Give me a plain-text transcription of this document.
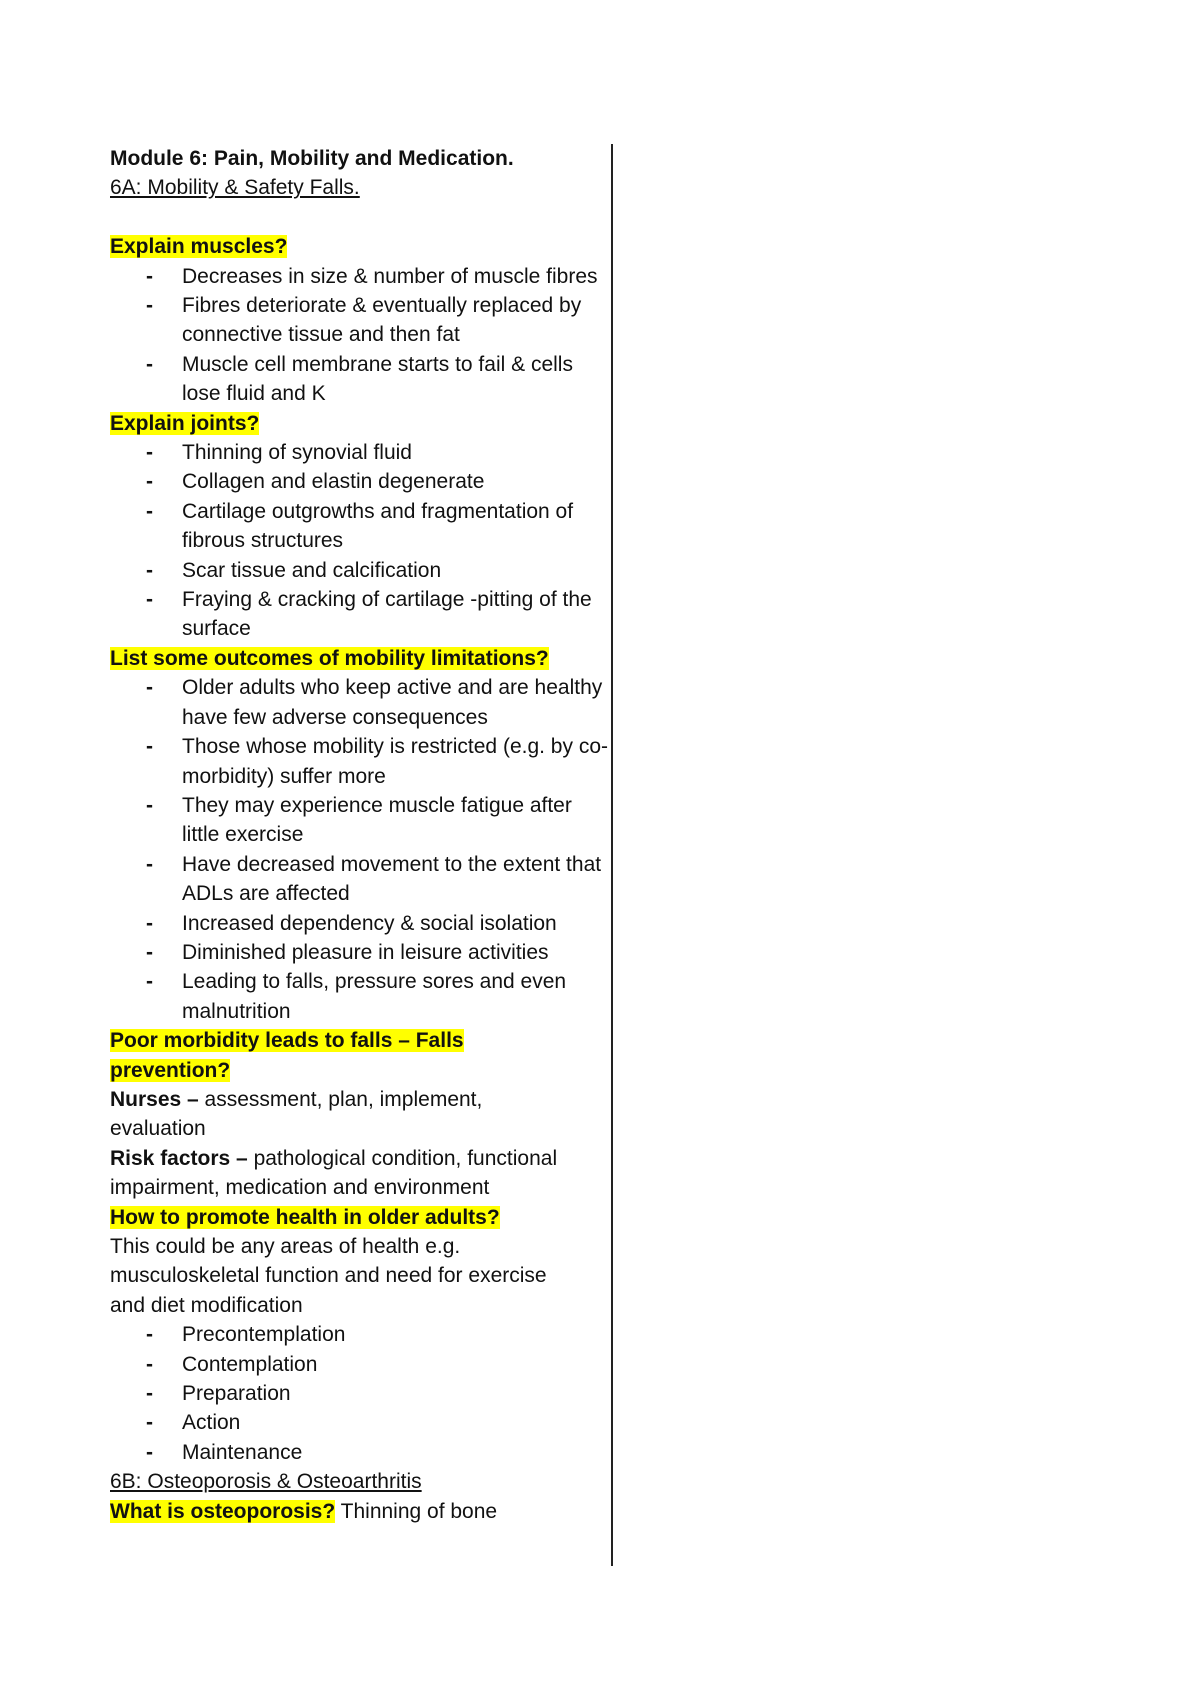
Module 6: Pain, Mobility and Medication.
6A: Mobility & Safety Falls.
Explain muscles?
- Decreases in size & number of muscle fibres
- Fibres deteriorate & eventually replaced by connective tissue and then fat
- Muscle cell membrane starts to fail & cells lose fluid and K
Explain joints?
- Thinning of synovial fluid
- Collagen and elastin degenerate
- Cartilage outgrowths and fragmentation of fibrous structures
- Scar tissue and calcification
- Fraying & cracking of cartilage -pitting of the surface
List some outcomes of mobility limitations?
- Older adults who keep active and are healthy have few adverse consequences
- Those whose mobility is restricted (e.g. by co-morbidity) suffer more
- They may experience muscle fatigue after little exercise
- Have decreased movement to the extent that ADLs are affected
- Increased dependency & social isolation
- Diminished pleasure in leisure activities
- Leading to falls, pressure sores and even malnutrition
Poor morbidity leads to falls – Falls
prevention?
Nurses – assessment, plan, implement,
evaluation
Risk factors – pathological condition, functional
impairment, medication and environment
How to promote health in older adults?
This could be any areas of health e.g.
musculoskeletal function and need for exercise
and diet modification
- Precontemplation
- Contemplation
- Preparation
- Action
- Maintenance
6B: Osteoporosis & Osteoarthritis
What is osteoporosis? Thinning of bone
